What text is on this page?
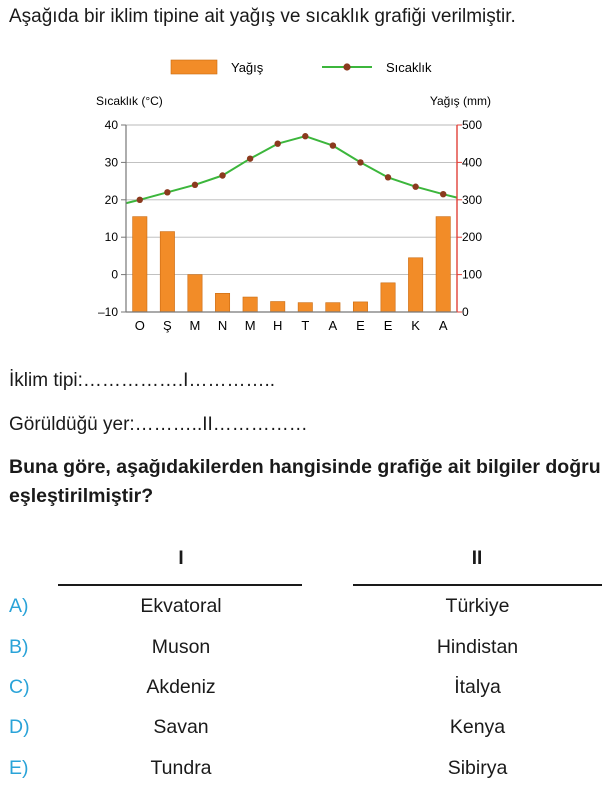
Aşağıda bir iklim tipine ait yağış ve sıcaklık grafiği verilmiştir.
Yağış	Sıcaklık
Sıcaklık (°C)	Yağış (mm)
40	500
30	400
20	300
10	200
0	100
–10	0
O Ş M N M H T A E E K A
İklim tipi:…………….I…………..
Görüldüğü yer:………..II……………
Buna göre, aşağıdakilerden hangisinde grafiğe ait bilgiler doğru eşleştirilmiştir?
I	II
A)	Ekvatoral	Türkiye
B)	Muson	Hindistan
C)	Akdeniz	İtalya
D)	Savan	Kenya
E)	Tundra	Sibirya
